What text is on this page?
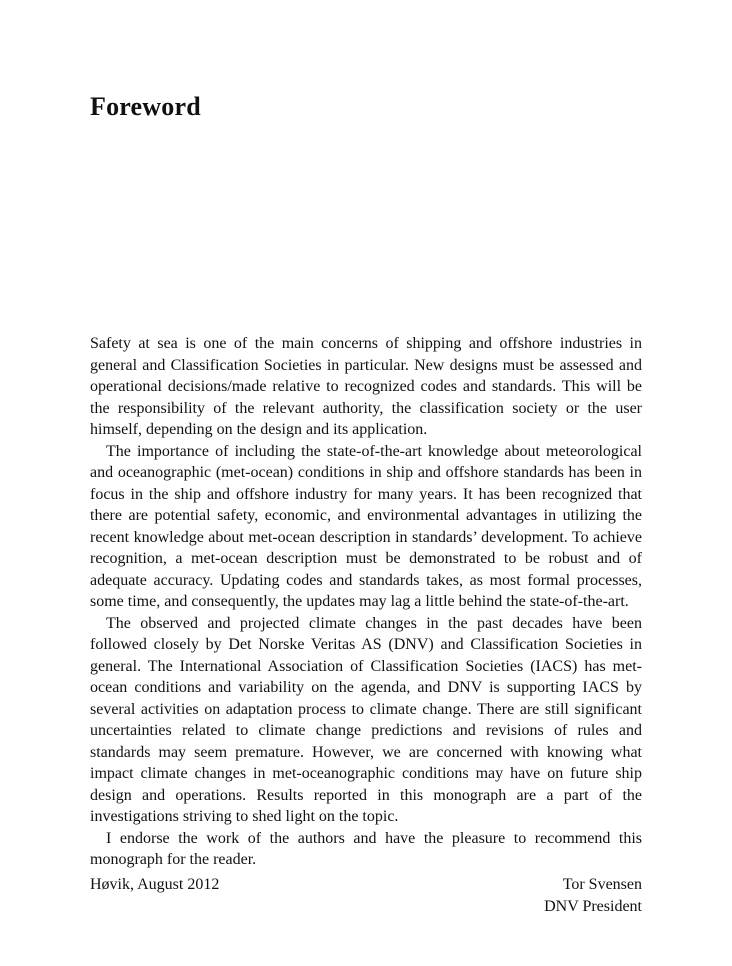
Foreword

Safety at sea is one of the main concerns of shipping and offshore industries in general and Classification Societies in particular. New designs must be assessed and operational decisions/made relative to recognized codes and standards. This will be the responsibility of the relevant authority, the classification society or the user himself, depending on the design and its application.

The importance of including the state-of-the-art knowledge about meteorological and oceanographic (met-ocean) conditions in ship and offshore standards has been in focus in the ship and offshore industry for many years. It has been recognized that there are potential safety, economic, and environmental advantages in utilizing the recent knowledge about met-ocean description in standards’ development. To achieve recognition, a met-ocean description must be demonstrated to be robust and of adequate accuracy. Updating codes and standards takes, as most formal processes, some time, and consequently, the updates may lag a little behind the state-of-the-art.

The observed and projected climate changes in the past decades have been followed closely by Det Norske Veritas AS (DNV) and Classification Societies in general. The International Association of Classification Societies (IACS) has met-ocean conditions and variability on the agenda, and DNV is supporting IACS by several activities on adaptation process to climate change. There are still significant uncertainties related to climate change predictions and revisions of rules and standards may seem premature. However, we are concerned with knowing what impact climate changes in met-oceanographic conditions may have on future ship design and operations. Results reported in this monograph are a part of the investigations striving to shed light on the topic.

I endorse the work of the authors and have the pleasure to recommend this monograph for the reader.

Høvik, August 2012	Tor Svensen
DNV President
